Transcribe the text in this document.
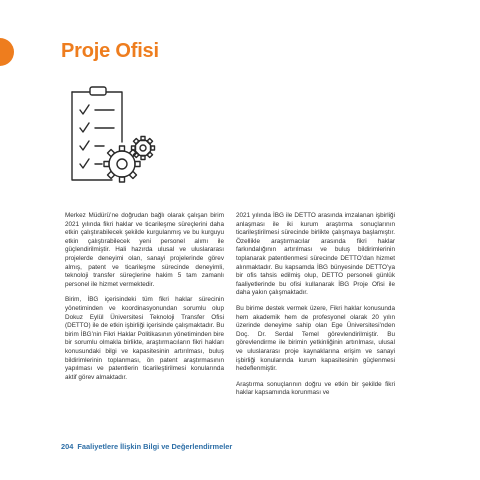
Proje Ofisi

Merkez Müdürü’ne doğrudan bağlı olarak çalışan birim 2021 yılında fikri haklar ve ticarileşme süreçlerini daha etkin çalıştırabilecek şekilde kurgulanmış ve bu kurguyu etkin çalıştırabilecek yeni personel alımı ile güçlendirilmiştir. Hali hazırda ulusal ve uluslararası projelerde deneyimi olan, sanayi projelerinde görev almış, patent ve ticarileşme sürecinde deneyimli, teknoloji transfer süreçlerine hakim 5 tam zamanlı personel ile hizmet vermektedir.

Birim, İBG içerisindeki tüm fikri haklar sürecinin yönetiminden ve koordinasyonundan sorumlu olup Dokuz Eylül Üniversitesi Teknoloji Transfer Ofisi (DETTO) ile de etkin işbirliği içerisinde çalışmaktadır. Bu birim İBG’nin Fikri Haklar Politikasının yönetiminden bire bir sorumlu olmakla birlikte, araştırmacıların fikri hakları konusundaki bilgi ve kapasitesinin artırılması, buluş bildirimlerinin toplanması, ön patent araştırmasının yapılması ve patentlerin ticarileştirilmesi konularında aktif görev almaktadır.

2021 yılında İBG ile DETTO arasında imzalanan işbirliği anlaşması ile iki kurum araştırma sonuçlarının ticarileştirilmesi sürecinde birlikte çalışmaya başlamıştır. Özellikle araştırmacılar arasında fikri haklar farkındalığının artırılması ve buluş bildirimlerinin toplanarak patentlenmesi sürecinde DETTO’dan hizmet alınmaktadır. Bu kapsamda İBG bünyesinde DETTO’ya bir ofis tahsis edilmiş olup, DETTO personeli günlük faaliyetlerinde bu ofisi kullanarak İBG Proje Ofisi ile daha yakın çalışmaktadır.

Bu birime destek vermek üzere, Fikri haklar konusunda hem akademik hem de profesyonel olarak 20 yılın üzerinde deneyime sahip olan Ege Üniversitesi’nden Doç. Dr. Serdal Temel görevlendirilmiştir. Bu görevlendirme ile birimin yetkinliğinin artırılması, ulusal ve uluslararası proje kaynaklarına erişim ve sanayi işbirliği konularında kurum kapasitesinin güçlenmesi hedeflenmiştir.

Araştırma sonuçlarının doğru ve etkin bir şekilde fikri haklar kapsamında korunması ve

204 Faaliyetlere İlişkin Bilgi ve Değerlendirmeler
